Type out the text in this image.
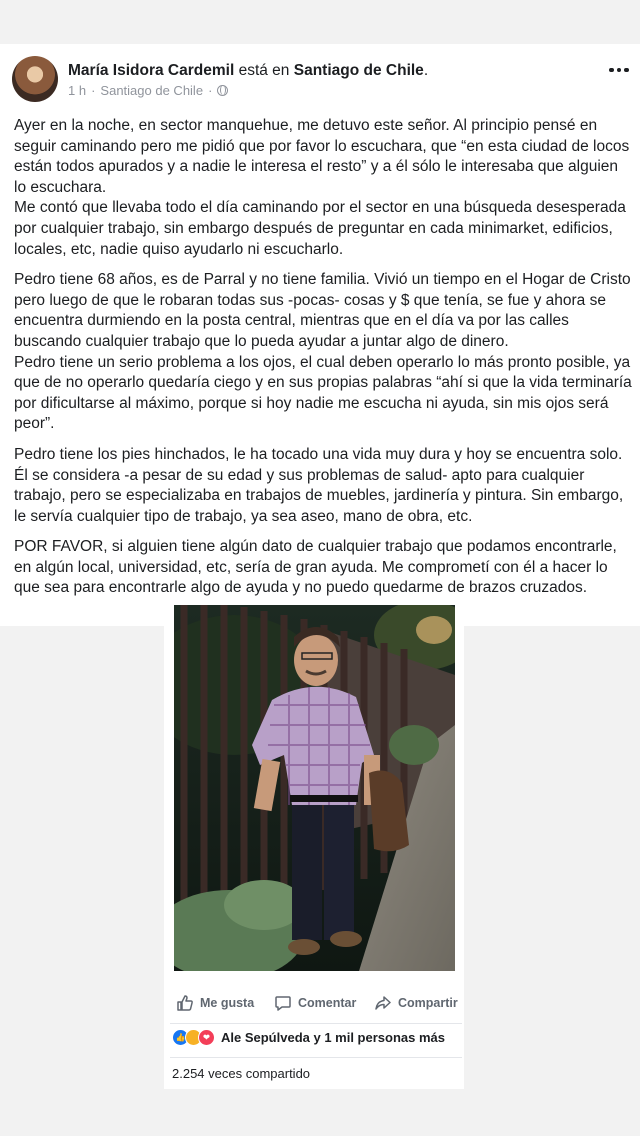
María Isidora Cardemil está en Santiago de Chile.
1 h · Santiago de Chile ·

Ayer en la noche, en sector manquehue, me detuvo este señor. Al principio pensé en seguir caminando pero me pidió que por favor lo escuchara, que “en esta ciudad de locos están todos apurados y a nadie le interesa el resto” y a él sólo le interesaba que alguien lo escuchara.
Me contó que llevaba todo el día caminando por el sector en una búsqueda desesperada por cualquier trabajo, sin embargo después de preguntar en cada minimarket, edificios, locales, etc, nadie quiso ayudarlo ni escucharlo.

Pedro tiene 68 años, es de Parral y no tiene familia. Vivió un tiempo en el Hogar de Cristo pero luego de que le robaran todas sus -pocas- cosas y $ que tenía, se fue y ahora se encuentra durmiendo en la posta central, mientras que en el día va por las calles buscando cualquier trabajo que lo pueda ayudar a juntar algo de dinero.
Pedro tiene un serio problema a los ojos, el cual deben operarlo lo más pronto posible, ya que de no operarlo quedaría ciego y en sus propias palabras “ahí si que la vida terminaría por dificultarse al máximo, porque si hoy nadie me escucha ni ayuda, sin mis ojos será peor”.

Pedro tiene los pies hinchados, le ha tocado una vida muy dura y hoy se encuentra solo.
Él se considera -a pesar de su edad y sus problemas de salud- apto para cualquier trabajo, pero se especializaba en trabajos de muebles, jardinería y pintura. Sin embargo, le servía cualquier tipo de trabajo, ya sea aseo, mano de obra, etc.

POR FAVOR, si alguien tiene algún dato de cualquier trabajo que podamos encontrarle, en algún local, universidad, etc, sería de gran ayuda. Me comprometí con él a hacer lo que sea para encontrarle algo de ayuda y no puedo quedarme de brazos cruzados.

Me gusta	Comentar	Compartir
👍	❤ Ale Sepúlveda y 1 mil personas más
2.254 veces compartido
